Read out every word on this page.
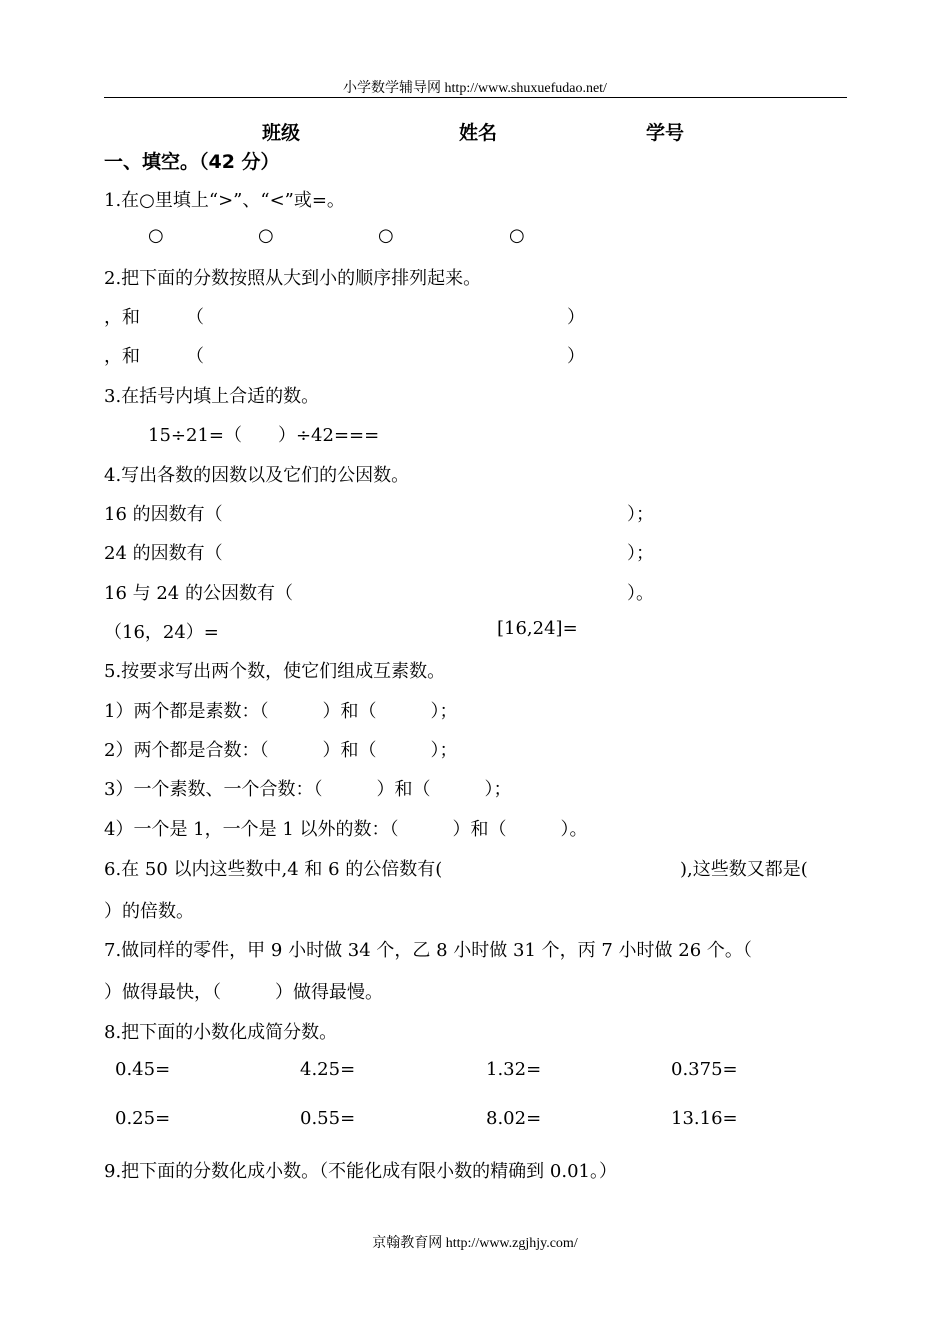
小学数学辅导网 http://www.shuxuefudao.net/
班级	姓名	学号
一、填空。（42 分）
1.在○里填上“>”、“<”或=。
○	○	○	○
2.把下面的分数按照从大到小的顺序排列起来。
，和	（	）
，和	（	）
3.在括号内填上合适的数。
15÷21=（　　）÷42===
4.写出各数的因数以及它们的公因数。
16 的因数有（	）；
24 的因数有（	）；
16 与 24 的公因数有（	）。
（16，24）=	[16,24]=
5.按要求写出两个数，使它们组成互素数。
1）两个都是素数：（　　　）和（　　　）；
2）两个都是合数：（　　　）和（　　　）；
3）一个素数、一个合数：（　　　）和（　　　）；
4）一个是 1，一个是 1 以外的数：（　　　）和（　　　）。
6.在 50 以内这些数中,4 和 6 的公倍数有(	),这些数又都是(
）的倍数。
7.做同样的零件，甲 9 小时做 34 个，乙 8 小时做 31 个，丙 7 小时做 26 个。（
）做得最快，（　　　）做得最慢。
8.把下面的小数化成简分数。
0.45=	4.25=	1.32=	0.375=
0.25=	0.55=	8.02=	13.16=
9.把下面的分数化成小数。（不能化成有限小数的精确到 0.01。）
京翰教育网 http://www.zgjhjy.com/
